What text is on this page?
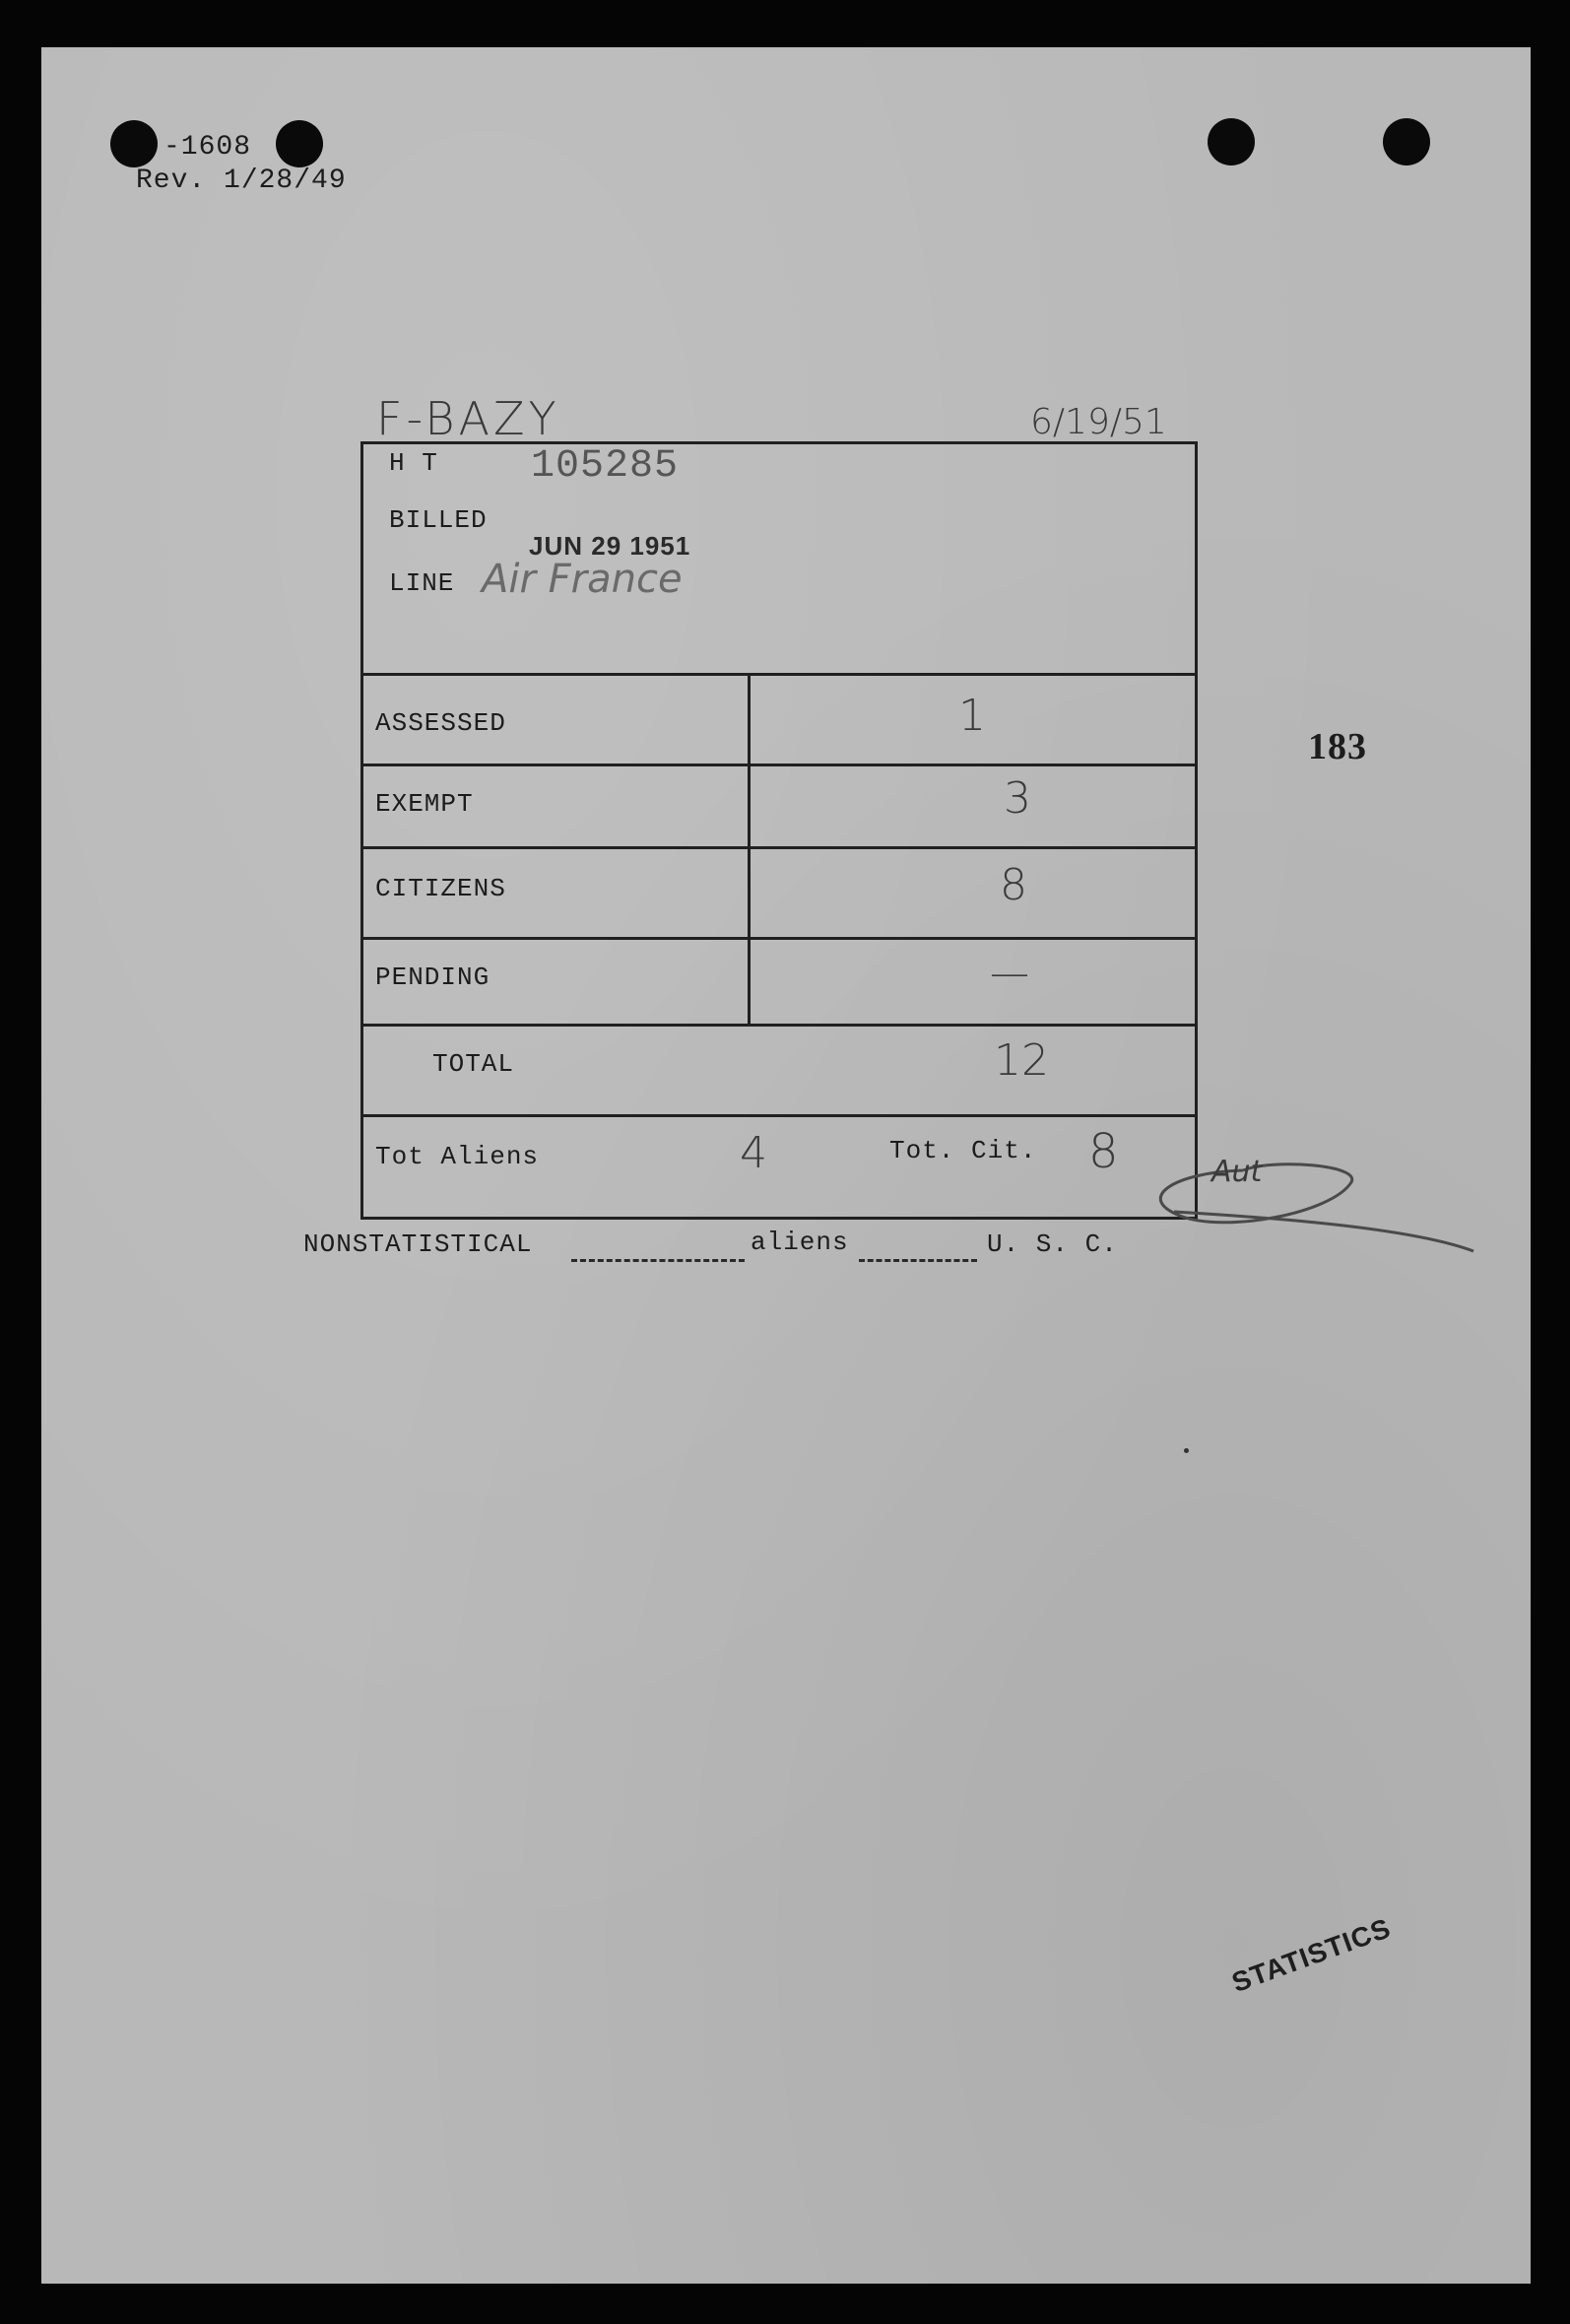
-1608
Rev. 1/28/49
F-BAZY	6/19/51
183
H T 105285
BILLED
JUN 29 1951
LINE Air France
ASSESSED	1
EXEMPT	3
CITIZENS	8
PENDING	—
TOTAL	12
Tot Aliens	4	Tot. Cit. 8	Aut
NONSTATISTICAL	aliens	U. S. C.
STATISTICS
